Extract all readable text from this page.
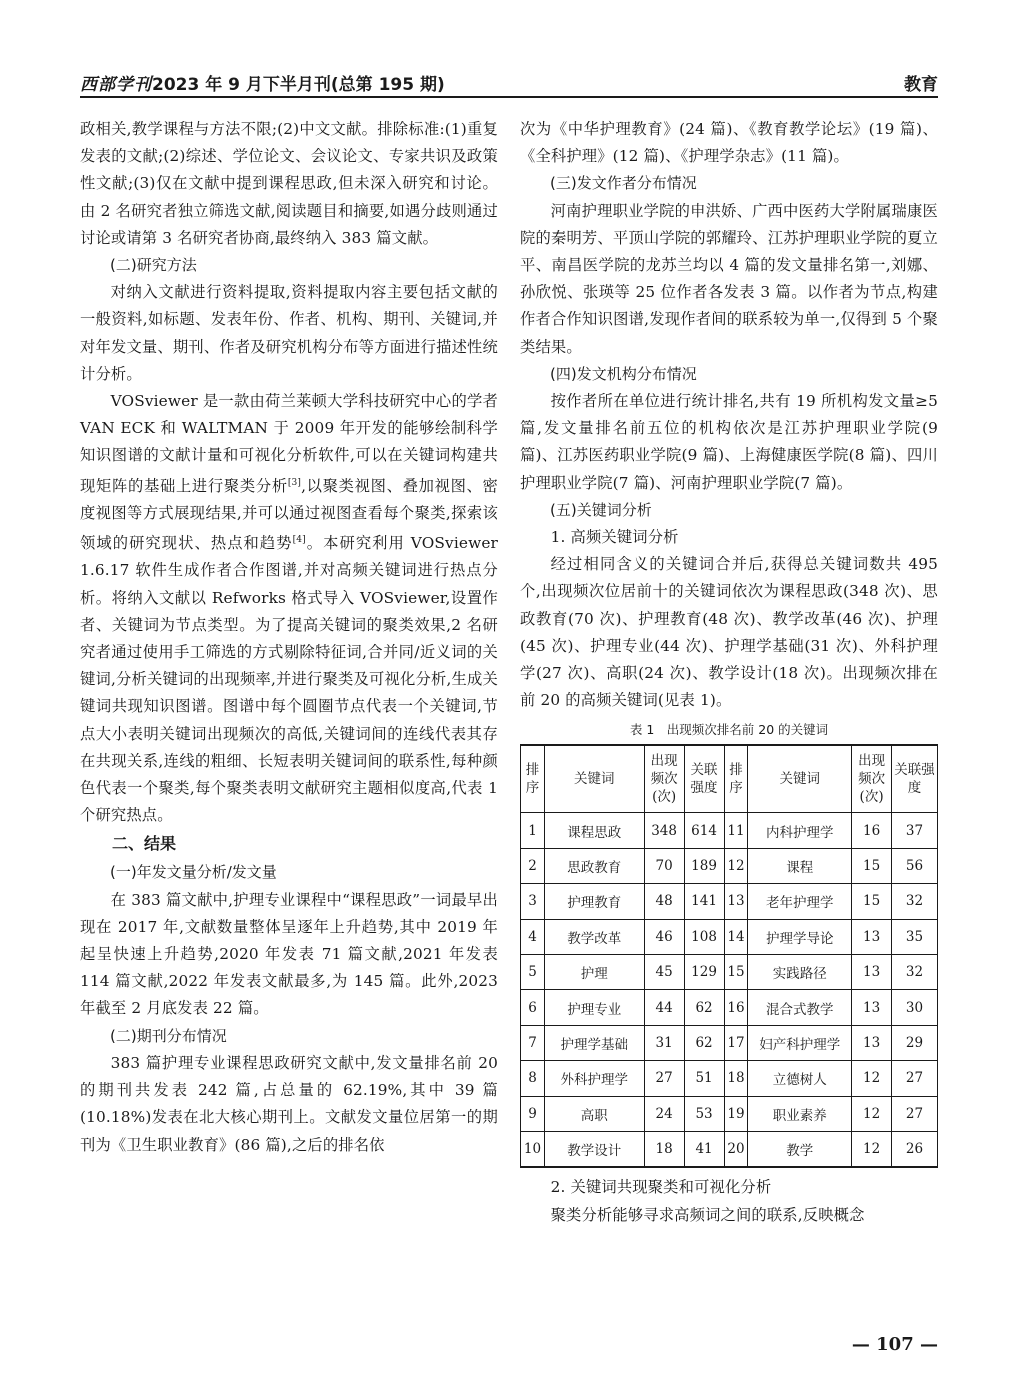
西部学刊2023 年 9 月下半月刊(总第 195 期)	教育

政相关,教学课程与方法不限;(2)中文文献。排除标准:(1)重复发表的文献;(2)综述、学位论文、会议论文、专家共识及政策性文献;(3)仅在文献中提到课程思政,但未深入研究和讨论。由 2 名研究者独立筛选文献,阅读题目和摘要,如遇分歧则通过讨论或请第 3 名研究者协商,最终纳入 383 篇文献。

(二)研究方法

对纳入文献进行资料提取,资料提取内容主要包括文献的一般资料,如标题、发表年份、作者、机构、期刊、关键词,并对年发文量、期刊、作者及研究机构分布等方面进行描述性统计分析。

VOSviewer 是一款由荷兰莱顿大学科技研究中心的学者 VAN ECK 和 WALTMAN 于 2009 年开发的能够绘制科学知识图谱的文献计量和可视化分析软件,可以在关键词构建共现矩阵的基础上进行聚类分析[3],以聚类视图、叠加视图、密度视图等方式展现结果,并可以通过视图查看每个聚类,探索该领域的研究现状、热点和趋势[4]。本研究利用 VOSviewer 1.6.17 软件生成作者合作图谱,并对高频关键词进行热点分析。将纳入文献以 Refworks 格式导入 VOSviewer,设置作者、关键词为节点类型。为了提高关键词的聚类效果,2 名研究者通过使用手工筛选的方式剔除特征词,合并同/近义词的关键词,分析关键词的出现频率,并进行聚类及可视化分析,生成关键词共现知识图谱。图谱中每个圆圈节点代表一个关键词,节点大小表明关键词出现频次的高低,关键词间的连线代表其存在共现关系,连线的粗细、长短表明关键词间的联系性,每种颜色代表一个聚类,每个聚类表明文献研究主题相似度高,代表 1 个研究热点。

二、结果

(一)年发文量分析/发文量

在 383 篇文献中,护理专业课程中“课程思政”一词最早出现在 2017 年,文献数量整体呈逐年上升趋势,其中 2019 年起呈快速上升趋势,2020 年发表 71 篇文献,2021 年发表 114 篇文献,2022 年发表文献最多,为 145 篇。此外,2023 年截至 2 月底发表 22 篇。

(二)期刊分布情况

383 篇护理专业课程思政研究文献中,发文量排名前 20 的期刊共发表 242 篇,占总量的 62.19%,其中 39 篇(10.18%)发表在北大核心期刊上。文献发文量位居第一的期刊为《卫生职业教育》(86 篇),之后的排名依

次为《中华护理教育》(24 篇)、《教育教学论坛》(19 篇)、《全科护理》(12 篇)、《护理学杂志》(11 篇)。

(三)发文作者分布情况

河南护理职业学院的申洪娇、广西中医药大学附属瑞康医院的秦明芳、平顶山学院的郭耀玲、江苏护理职业学院的夏立平、南昌医学院的龙苏兰均以 4 篇的发文量排名第一,刘娜、孙欣悦、张瑛等 25 位作者各发表 3 篇。以作者为节点,构建作者合作知识图谱,发现作者间的联系较为单一,仅得到 5 个聚类结果。

(四)发文机构分布情况

按作者所在单位进行统计排名,共有 19 所机构发文量≥5 篇,发文量排名前五位的机构依次是江苏护理职业学院(9 篇)、江苏医药职业学院(9 篇)、上海健康医学院(8 篇)、四川护理职业学院(7 篇)、河南护理职业学院(7 篇)。

(五)关键词分析

1. 高频关键词分析

经过相同含义的关键词合并后,获得总关键词数共 495 个,出现频次位居前十的关键词依次为课程思政(348 次)、思政教育(70 次)、护理教育(48 次)、教学改革(46 次)、护理(45 次)、护理专业(44 次)、护理学基础(31 次)、外科护理学(27 次)、高职(24 次)、教学设计(18 次)。出现频次排在前 20 的高频关键词(见表 1)。

表 1　出现频次排名前 20 的关键词
排序	关键词	出现频次(次)	关联强度	排序	关键词	出现频次(次)	关联强度
1	课程思政	348	614	11	内科护理学	16	37
2	思政教育	70	189	12	课程	15	56
3	护理教育	48	141	13	老年护理学	15	32
4	教学改革	46	108	14	护理学导论	13	35
5	护理	45	129	15	实践路径	13	32
6	护理专业	44	62	16	混合式教学	13	30
7	护理学基础	31	62	17	妇产科护理学	13	29
8	外科护理学	27	51	18	立德树人	12	27
9	高职	24	53	19	职业素养	12	27
10	教学设计	18	41	20	教学	12	26

2. 关键词共现聚类和可视化分析

聚类分析能够寻求高频词之间的联系,反映概念

— 107 —
